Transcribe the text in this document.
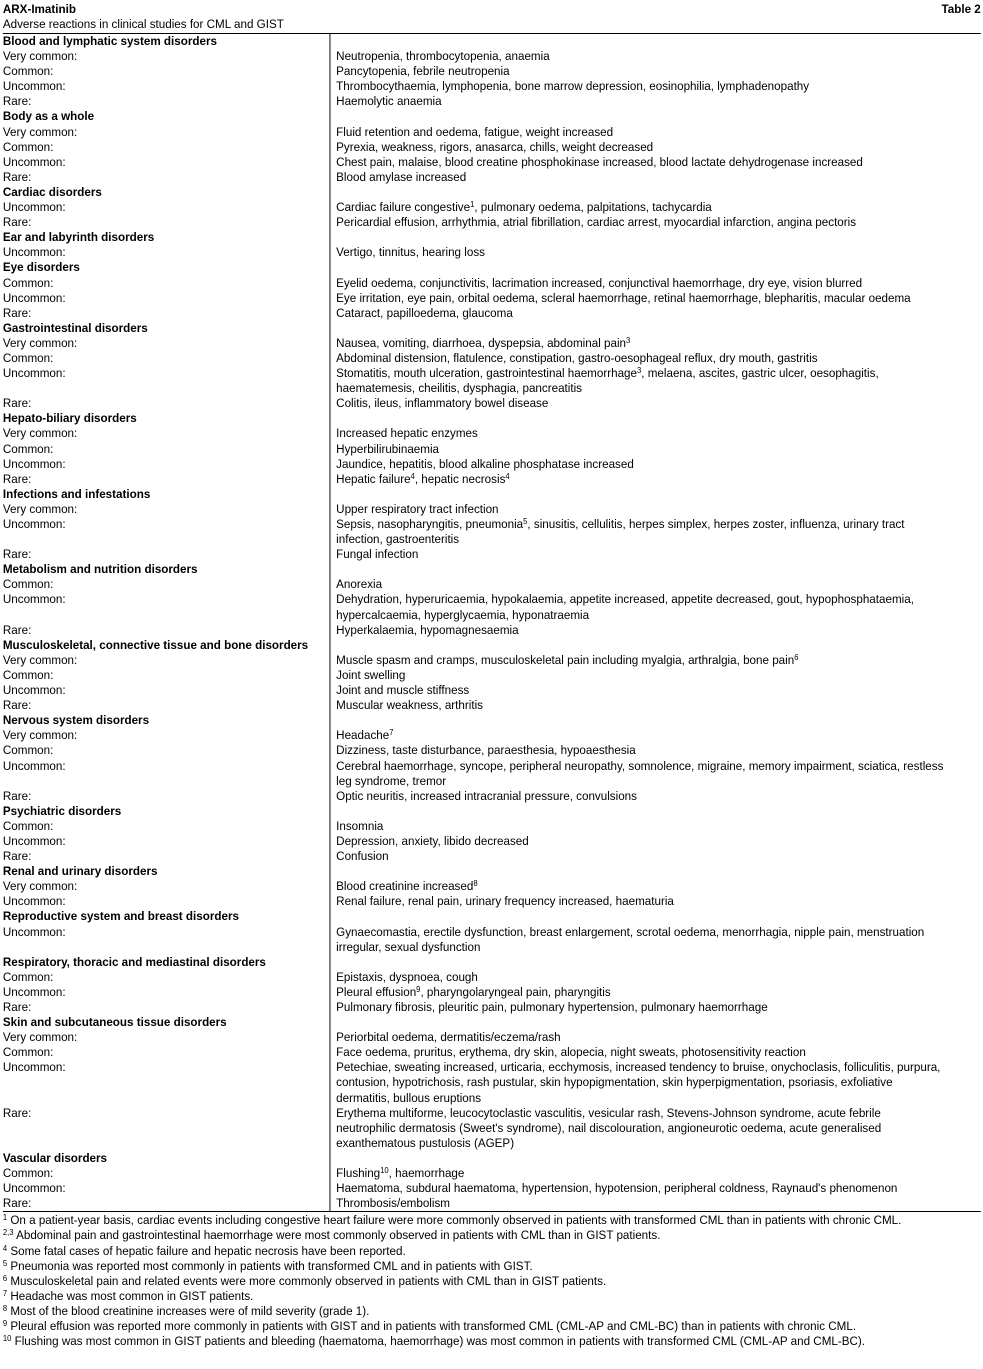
ARX-Imatinib	Table 2
Adverse reactions in clinical studies for CML and GIST
Blood and lymphatic system disorders
Very common:	Neutropenia, thrombocytopenia, anaemia
Common:	Pancytopenia, febrile neutropenia
Uncommon:	Thrombocythaemia, lymphopenia, bone marrow depression, eosinophilia, lymphadenopathy
Rare:	Haemolytic anaemia
Body as a whole
Very common:	Fluid retention and oedema, fatigue, weight increased
Common:	Pyrexia, weakness, rigors, anasarca, chills, weight decreased
Uncommon:	Chest pain, malaise, blood creatine phosphokinase increased, blood lactate dehydrogenase increased
Rare:	Blood amylase increased
Cardiac disorders
Uncommon:	Cardiac failure congestive$^1$, pulmonary oedema, palpitations, tachycardia
Rare:	Pericardial effusion, arrhythmia, atrial fibrillation, cardiac arrest, myocardial infarction, angina pectoris
Ear and labyrinth disorders
Uncommon:	Vertigo, tinnitus, hearing loss
Eye disorders
Common:	Eyelid oedema, conjunctivitis, lacrimation increased, conjunctival haemorrhage, dry eye, vision blurred
Uncommon:	Eye irritation, eye pain, orbital oedema, scleral haemorrhage, retinal haemorrhage, blepharitis, macular oedema
Rare:	Cataract, papilloedema, glaucoma
Gastrointestinal disorders
Very common:	Nausea, vomiting, diarrhoea, dyspepsia, abdominal pain$^3$
Common:	Abdominal distension, flatulence, constipation, gastro-oesophageal reflux, dry mouth, gastritis
Uncommon:	Stomatitis, mouth ulceration, gastrointestinal haemorrhage$^3$, melaena, ascites, gastric ulcer, oesophagitis,
haematemesis, cheilitis, dysphagia, pancreatitis
Rare:	Colitis, ileus, inflammatory bowel disease
Hepato-biliary disorders
Very common:	Increased hepatic enzymes
Common:	Hyperbilirubinaemia
Uncommon:	Jaundice, hepatitis, blood alkaline phosphatase increased
Rare:	Hepatic failure$^4$, hepatic necrosis$^4$
Infections and infestations
Very common:	Upper respiratory tract infection
Uncommon:	Sepsis, nasopharyngitis, pneumonia$^5$, sinusitis, cellulitis, herpes simplex, herpes zoster, influenza, urinary tract
infection, gastroenteritis
Rare:	Fungal infection
Metabolism and nutrition disorders
Common:	Anorexia
Uncommon:	Dehydration, hyperuricaemia, hypokalaemia, appetite increased, appetite decreased, gout, hypophosphataemia,
hypercalcaemia, hyperglycaemia, hyponatraemia
Rare:	Hyperkalaemia, hypomagnesaemia
Musculoskeletal, connective tissue and bone disorders
Very common:	Muscle spasm and cramps, musculoskeletal pain including myalgia, arthralgia, bone pain$^6$
Common:	Joint swelling
Uncommon:	Joint and muscle stiffness
Rare:	Muscular weakness, arthritis
Nervous system disorders
Very common:	Headache$^7$
Common:	Dizziness, taste disturbance, paraesthesia, hypoaesthesia
Uncommon:	Cerebral haemorrhage, syncope, peripheral neuropathy, somnolence, migraine, memory impairment, sciatica, restless
leg syndrome, tremor
Rare:	Optic neuritis, increased intracranial pressure, convulsions
Psychiatric disorders
Common:	Insomnia
Uncommon:	Depression, anxiety, libido decreased
Rare:	Confusion
Renal and urinary disorders
Very common:	Blood creatinine increased$^8$
Uncommon:	Renal failure, renal pain, urinary frequency increased, haematuria
Reproductive system and breast disorders
Uncommon:	Gynaecomastia, erectile dysfunction, breast enlargement, scrotal oedema, menorrhagia, nipple pain, menstruation
irregular, sexual dysfunction
Respiratory, thoracic and mediastinal disorders
Common:	Epistaxis, dyspnoea, cough
Uncommon:	Pleural effusion$^9$, pharyngolaryngeal pain, pharyngitis
Rare:	Pulmonary fibrosis, pleuritic pain, pulmonary hypertension, pulmonary haemorrhage
Skin and subcutaneous tissue disorders
Very common:	Periorbital oedema, dermatitis/eczema/rash
Common:	Face oedema, pruritus, erythema, dry skin, alopecia, night sweats, photosensitivity reaction
Uncommon:	Petechiae, sweating increased, urticaria, ecchymosis, increased tendency to bruise, onychoclasis, folliculitis, purpura,
contusion, hypotrichosis, rash pustular, skin hypopigmentation, skin hyperpigmentation, psoriasis, exfoliative
dermatitis, bullous eruptions
Rare:	Erythema multiforme, leucocytoclastic vasculitis, vesicular rash, Stevens-Johnson syndrome, acute febrile
neutrophilic dermatosis (Sweet's syndrome), nail discolouration, angioneurotic oedema, acute generalised
exanthematous pustulosis (AGEP)
Vascular disorders
Common:	Flushing$^{10}$, haemorrhage
Uncommon:	Haematoma, subdural haematoma, hypertension, hypotension, peripheral coldness, Raynaud's phenomenon
Rare:	Thrombosis/embolism
$^1$ On a patient-year basis, cardiac events including congestive heart failure were more commonly observed in patients with transformed CML than in patients with chronic CML.
$^{2,3}$ Abdominal pain and gastrointestinal haemorrhage were most commonly observed in patients with CML than in GIST patients.
$^4$ Some fatal cases of hepatic failure and hepatic necrosis have been reported.
$^5$ Pneumonia was reported most commonly in patients with transformed CML and in patients with GIST.
$^6$ Musculoskeletal pain and related events were more commonly observed in patients with CML than in GIST patients.
$^7$ Headache was most common in GIST patients.
$^8$ Most of the blood creatinine increases were of mild severity (grade 1).
$^9$ Pleural effusion was reported more commonly in patients with GIST and in patients with transformed CML (CML-AP and CML-BC) than in patients with chronic CML.
$^{10}$ Flushing was most common in GIST patients and bleeding (haematoma, haemorrhage) was most common in patients with transformed CML (CML-AP and CML-BC).
